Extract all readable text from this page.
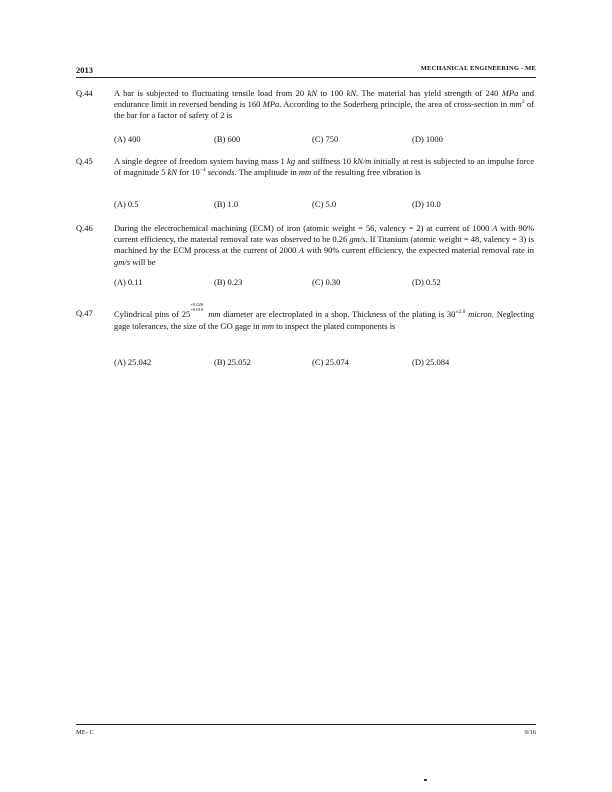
2013	MECHANICAL ENGINEERING - ME
Q.44	A bar is subjected to fluctuating tensile load from 20 kN to 100 kN. The material has yield strength of 240 MPa and endurance limit in reversed bending is 160 MPa. According to the Soderberg principle, the area of cross-section in $mm^2$ of the bar for a factor of safety of 2 is
(A) 400	(B) 600	(C) 750	(D) 1000
Q.45	A single degree of freedom system having mass 1 kg and stiffness 10 kN/m initially at rest is subjected to an impulse force of magnitude 5 kN for $10^{-4}$ seconds. The amplitude in mm of the resulting free vibration is
(A) 0.5	(B) 1.0	(C) 5.0	(D) 10.0
Q.46	During the electrochemical machining (ECM) of iron (atomic weight = 56, valency = 2) at current of 1000 A with 90% current efficiency, the material removal rate was observed to be 0.26 gm/s. If Titanium (atomic weight = 48, valency = 3) is machined by the ECM process at the current of 2000 A with 90% current efficiency, the expected material removal rate in gm/s will be
(A) 0.11	(B) 0.23	(C) 0.30	(D) 0.52
Q.47	Cylindrical pins of 25
+0.020
+0.010 mm diameter are electroplated in a shop. Thickness of the plating is $30^{\pm 2.0}$ micron. Neglecting gage tolerances, the size of the GO gage in mm to inspect the plated components is
(A) 25.042	(B) 25.052	(C) 25.074	(D) 25.084
ME- C	9/16
